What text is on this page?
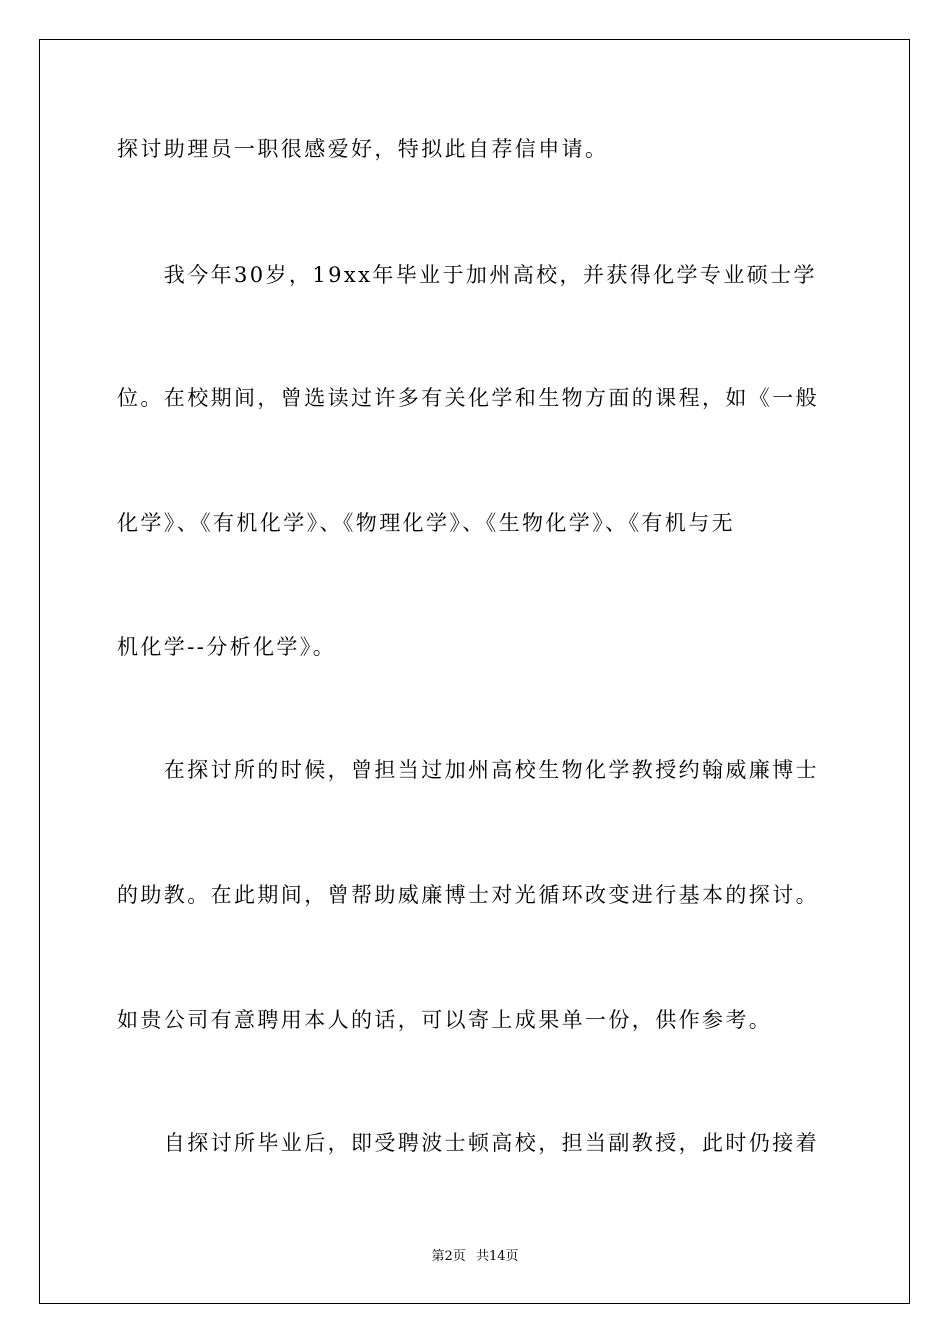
探讨助理员一职很感爱好，特拟此自荐信申请。
　　我今年30岁，19xx年毕业于加州高校，并获得化学专业硕士学
位。在校期间，曾选读过许多有关化学和生物方面的课程，如《一般
化学》、《有机化学》、《物理化学》、《生物化学》、《有机与无
机化学--分析化学》。
　　在探讨所的时候，曾担当过加州高校生物化学教授约翰威廉博士
的助教。在此期间，曾帮助威廉博士对光循环改变进行基本的探讨。
如贵公司有意聘用本人的话，可以寄上成果单一份，供作参考。
　　自探讨所毕业后，即受聘波士顿高校，担当副教授，此时仍接着
第2页 共14页
